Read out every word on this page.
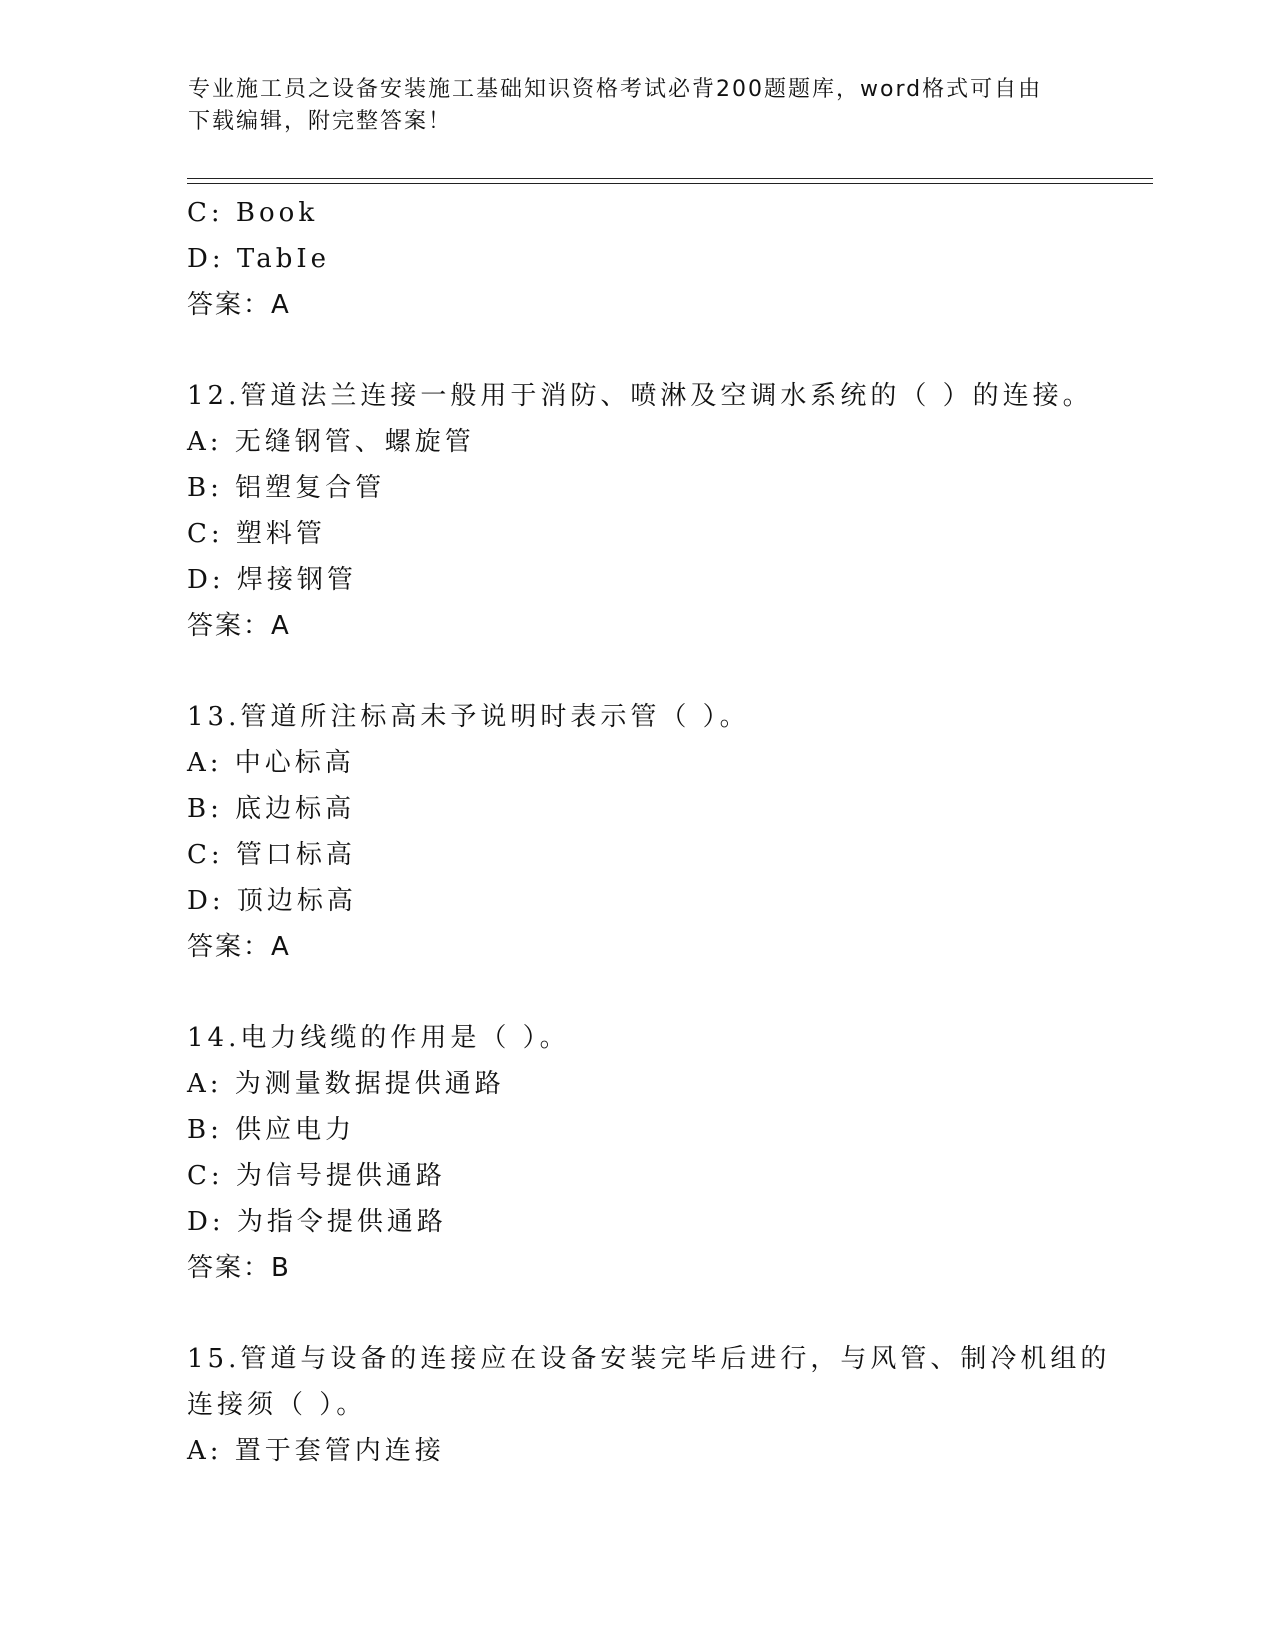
专业施工员之设备安装施工基础知识资格考试必背200题题库，word格式可自由
下载编辑，附完整答案！
C: Book
D: TabIe
答案：A
12.管道法兰连接一般用于消防、喷淋及空调水系统的（ ）的连接。
A: 无缝钢管、螺旋管
B: 铝塑复合管
C: 塑料管
D: 焊接钢管
答案：A
13.管道所注标高未予说明时表示管（ ）。
A: 中心标高
B: 底边标高
C: 管口标高
D: 顶边标高
答案：A
14.电力线缆的作用是（ ）。
A: 为测量数据提供通路
B: 供应电力
C: 为信号提供通路
D: 为指令提供通路
答案：B
15.管道与设备的连接应在设备安装完毕后进行，与风管、制冷机组的
连接须（ ）。
A: 置于套管内连接
